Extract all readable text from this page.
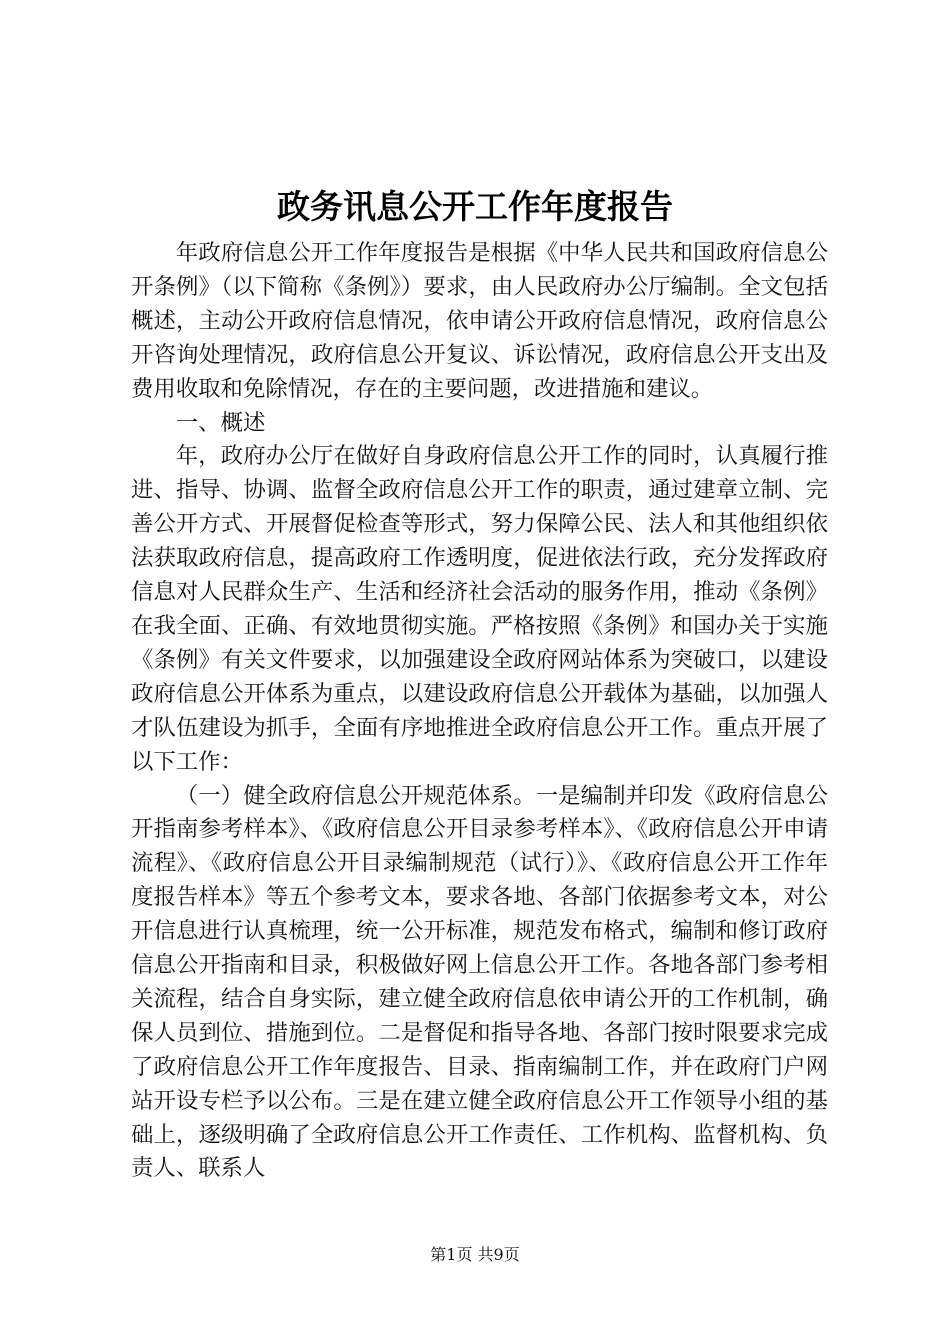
政务讯息公开工作年度报告

年政府信息公开工作年度报告是根据《中华人民共和国政府信息公开条例》（以下简称《条例》）要求，由人民政府办公厅编制。全文包括概述，主动公开政府信息情况，依申请公开政府信息情况，政府信息公开咨询处理情况，政府信息公开复议、诉讼情况，政府信息公开支出及费用收取和免除情况，存在的主要问题，改进措施和建议。

一、概述

年，政府办公厅在做好自身政府信息公开工作的同时，认真履行推进、指导、协调、监督全政府信息公开工作的职责，通过建章立制、完善公开方式、开展督促检查等形式，努力保障公民、法人和其他组织依法获取政府信息，提高政府工作透明度，促进依法行政，充分发挥政府信息对人民群众生产、生活和经济社会活动的服务作用，推动《条例》在我全面、正确、有效地贯彻实施。严格按照《条例》和国办关于实施《条例》有关文件要求，以加强建设全政府网站体系为突破口，以建设政府信息公开体系为重点，以建设政府信息公开载体为基础，以加强人才队伍建设为抓手，全面有序地推进全政府信息公开工作。重点开展了以下工作：

（一）健全政府信息公开规范体系。一是编制并印发《政府信息公开指南参考样本》、《政府信息公开目录参考样本》、《政府信息公开申请流程》、《政府信息公开目录编制规范（试行）》、《政府信息公开工作年度报告样本》等五个参考文本，要求各地、各部门依据参考文本，对公开信息进行认真梳理，统一公开标准，规范发布格式，编制和修订政府信息公开指南和目录，积极做好网上信息公开工作。各地各部门参考相关流程，结合自身实际，建立健全政府信息依申请公开的工作机制，确保人员到位、措施到位。二是督促和指导各地、各部门按时限要求完成了政府信息公开工作年度报告、目录、指南编制工作，并在政府门户网站开设专栏予以公布。三是在建立健全政府信息公开工作领导小组的基础上，逐级明确了全政府信息公开工作责任、工作机构、监督机构、负责人、联系人

第1页 共9页
